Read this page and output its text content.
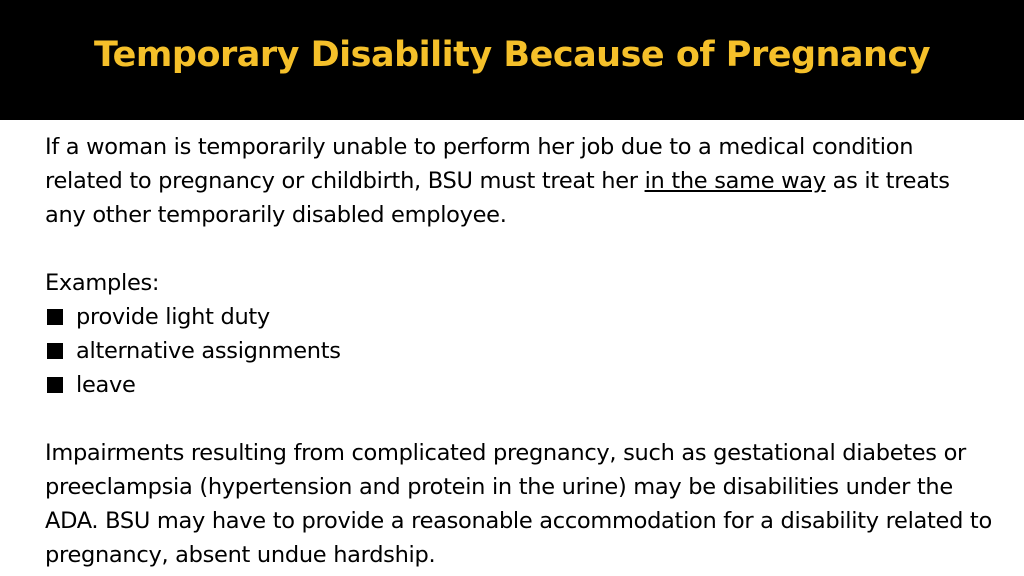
Temporary Disability Because of Pregnancy

If a woman is temporarily unable to perform her job due to a medical condition related to pregnancy or childbirth, BSU must treat her in the same way as it treats any other temporarily disabled employee.

Examples:

provide light duty
alternative assignments
leave

Impairments resulting from complicated pregnancy, such as gestational diabetes or preeclampsia (hypertension and protein in the urine) may be disabilities under the ADA. BSU may have to provide a reasonable accommodation for a disability related to pregnancy, absent undue hardship.
